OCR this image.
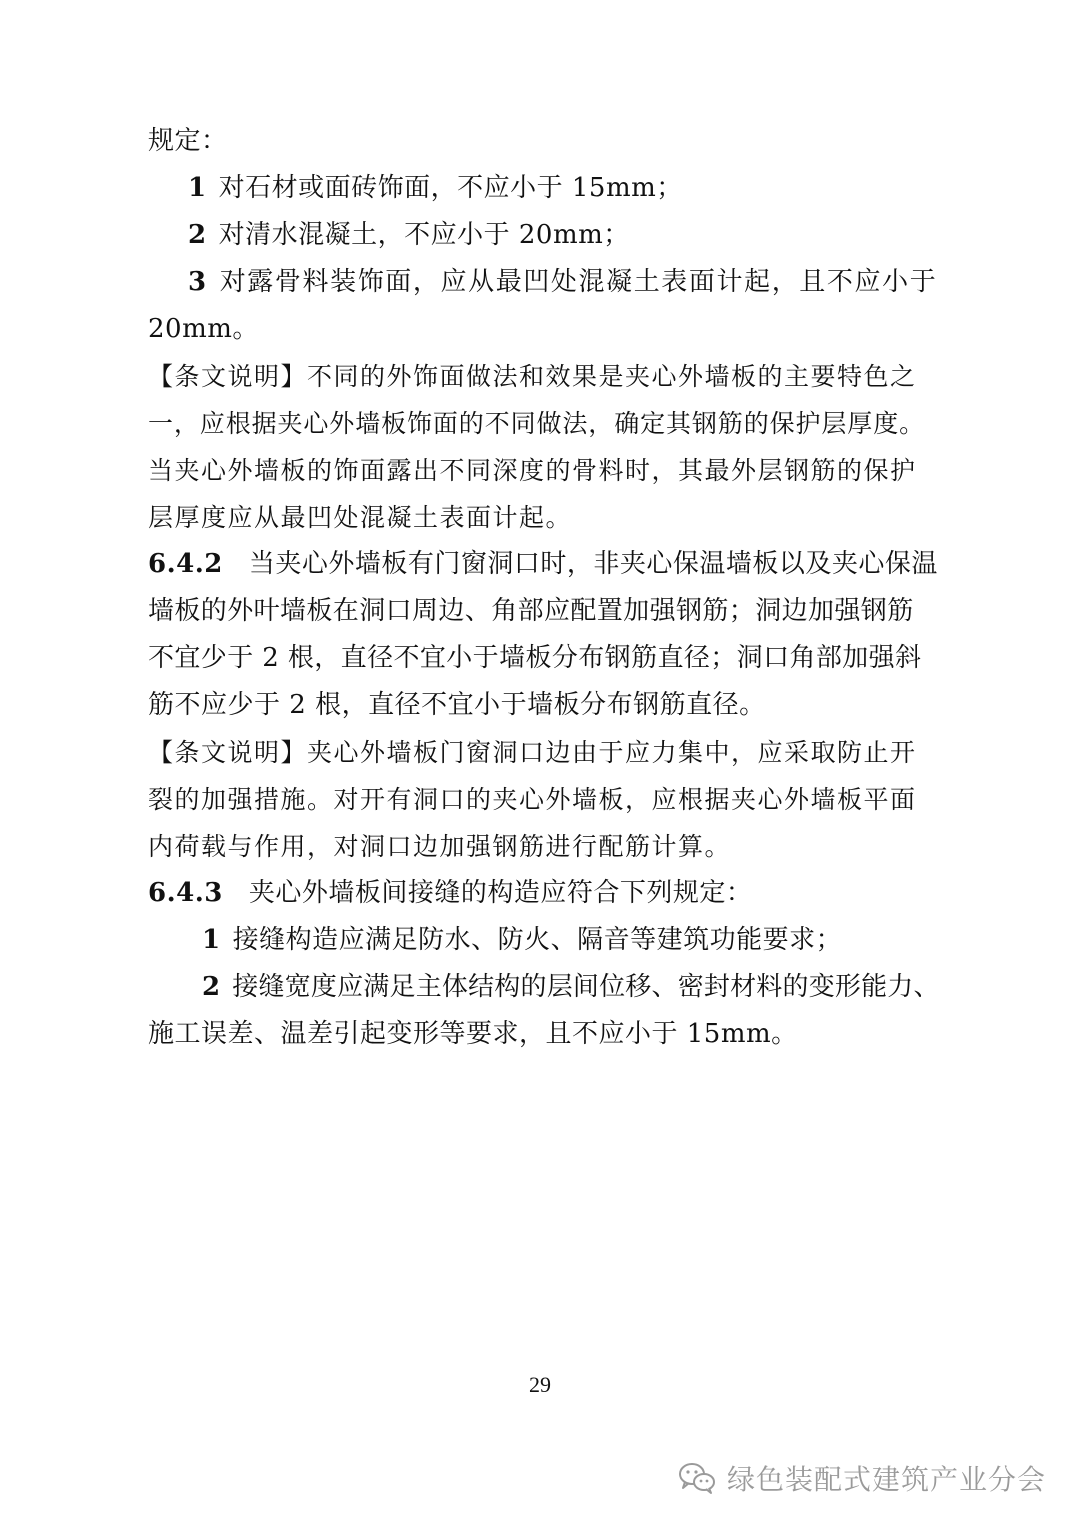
规定：
1 对石材或面砖饰面，不应小于 15mm；
2 对清水混凝土，不应小于 20mm；
3 对露骨料装饰面，应从最凹处混凝土表面计起，且不应小于
20mm。
【条文说明】不同的外饰面做法和效果是夹心外墙板的主要特色之
一，应根据夹心外墙板饰面的不同做法，确定其钢筋的保护层厚度。
当夹心外墙板的饰面露出不同深度的骨料时，其最外层钢筋的保护
层厚度应从最凹处混凝土表面计起。
6.4.2 当夹心外墙板有门窗洞口时，非夹心保温墙板以及夹心保温
墙板的外叶墙板在洞口周边、角部应配置加强钢筋；洞边加强钢筋
不宜少于 2 根，直径不宜小于墙板分布钢筋直径；洞口角部加强斜
筋不应少于 2 根，直径不宜小于墙板分布钢筋直径。
【条文说明】夹心外墙板门窗洞口边由于应力集中，应采取防止开
裂的加强措施。对开有洞口的夹心外墙板，应根据夹心外墙板平面
内荷载与作用，对洞口边加强钢筋进行配筋计算。
6.4.3 夹心外墙板间接缝的构造应符合下列规定：
1 接缝构造应满足防水、防火、隔音等建筑功能要求；
2 接缝宽度应满足主体结构的层间位移、密封材料的变形能力、
施工误差、温差引起变形等要求，且不应小于 15mm。
29
绿色装配式建筑产业分会
